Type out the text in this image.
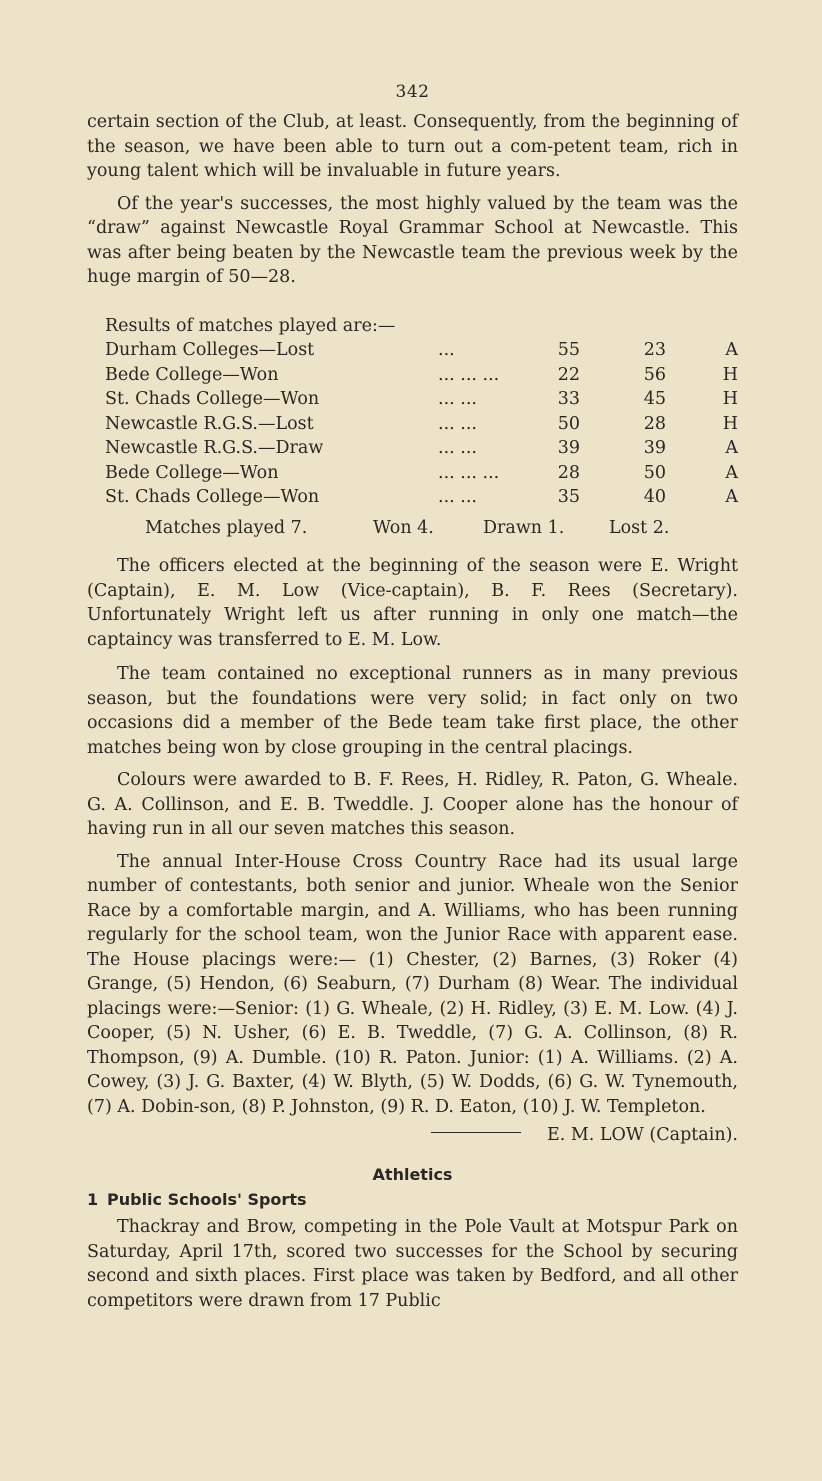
342

certain section of the Club, at least. Consequently, from the beginning of the season, we have been able to turn out a com-petent team, rich in young talent which will be invaluable in future years.

Of the year's successes, the most highly valued by the team was the “draw” against Newcastle Royal Grammar School at Newcastle. This was after being beaten by the Newcastle team the previous week by the huge margin of 50—28.

Results of matches played are:—
Durham Colleges—Lost	...	55	23	A
Bede College—Won	... ... ...	22	56	H
St. Chads College—Won	... ...	33	45	H
Newcastle R.G.S.—Lost	... ...	50	28	H
Newcastle R.G.S.—Draw	... ...	39	39	A
Bede College—Won	... ... ...	28	50	A
St. Chads College—Won	... ...	35	40	A
Matches played 7.	Won 4.	Drawn 1.	Lost 2.

The officers elected at the beginning of the season were E. Wright (Captain), E. M. Low (Vice-captain), B. F. Rees (Secretary). Unfortunately Wright left us after running in only one match—the captaincy was transferred to E. M. Low.

The team contained no exceptional runners as in many previous season, but the foundations were very solid; in fact only on two occasions did a member of the Bede team take first place, the other matches being won by close grouping in the central placings.

Colours were awarded to B. F. Rees, H. Ridley, R. Paton, G. Wheale. G. A. Collinson, and E. B. Tweddle. J. Cooper alone has the honour of having run in all our seven matches this season.

The annual Inter-House Cross Country Race had its usual large number of contestants, both senior and junior. Wheale won the Senior Race by a comfortable margin, and A. Williams, who has been running regularly for the school team, won the Junior Race with apparent ease. The House placings were:— (1) Chester, (2) Barnes, (3) Roker (4) Grange, (5) Hendon, (6) Seaburn, (7) Durham (8) Wear. The individual placings were:—Senior: (1) G. Wheale, (2) H. Ridley, (3) E. M. Low. (4) J. Cooper, (5) N. Usher, (6) E. B. Tweddle, (7) G. A. Collinson, (8) R. Thompson, (9) A. Dumble. (10) R. Paton. Junior: (1) A. Williams. (2) A. Cowey, (3) J. G. Baxter, (4) W. Blyth, (5) W. Dodds, (6) G. W. Tynemouth, (7) A. Dobin-son, (8) P. Johnston, (9) R. D. Eaton, (10) J. W. Templeton.

E. M. LOW (Captain).
Athletics
1 Public Schools' Sports

Thackray and Brow, competing in the Pole Vault at Motspur Park on Saturday, April 17th, scored two successes for the School by securing second and sixth places. First place was taken by Bedford, and all other competitors were drawn from 17 Public
